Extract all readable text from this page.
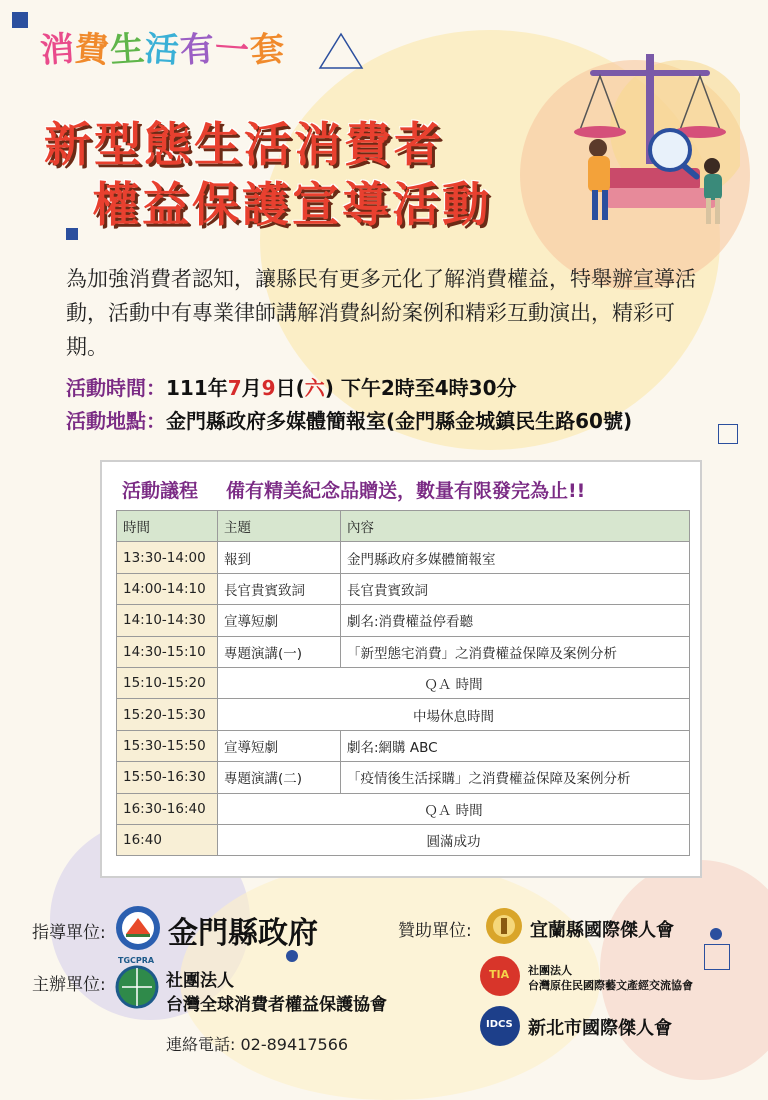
消費生活有一套
新型態生活消費者
權益保護宣導活動
為加強消費者認知，讓縣民有更多元化了解消費權益，特舉辦宣導活動，活動中有專業律師講解消費糾紛案例和精彩互動演出，精彩可期。
活動時間：111年7月9日(六) 下午2時至4時30分
活動地點：金門縣政府多媒體簡報室(金門縣金城鎮民生路60號)
活動議程 備有精美紀念品贈送，數量有限發完為止!!
時間	主題	內容
13:30-14:00	報到	金門縣政府多媒體簡報室
14:00-14:10	長官貴賓致詞	長官貴賓致詞
14:10-14:30	宣導短劇	劇名:消費權益停看聽
14:30-15:10	專題演講(一)	「新型態宅消費」之消費權益保障及案例分析
15:10-15:20	ＱＡ 時間	
15:20-15:30	中場休息時間	
15:30-15:50	宣導短劇	劇名:網購 ABC
15:50-16:30	專題演講(二)	「疫情後生活採購」之消費權益保障及案例分析
16:30-16:40	ＱＡ 時間	
16:40	圓滿成功	
指導單位: 金門縣政府
主辦單位:
TGCPRA
社團法人
台灣全球消費者權益保護協會
贊助單位:	宜蘭縣國際傑人會
TIA 社團法人
台灣原住民國際藝文產經交流協會
IDCS 新北市國際傑人會
連絡電話: 02-89417566
